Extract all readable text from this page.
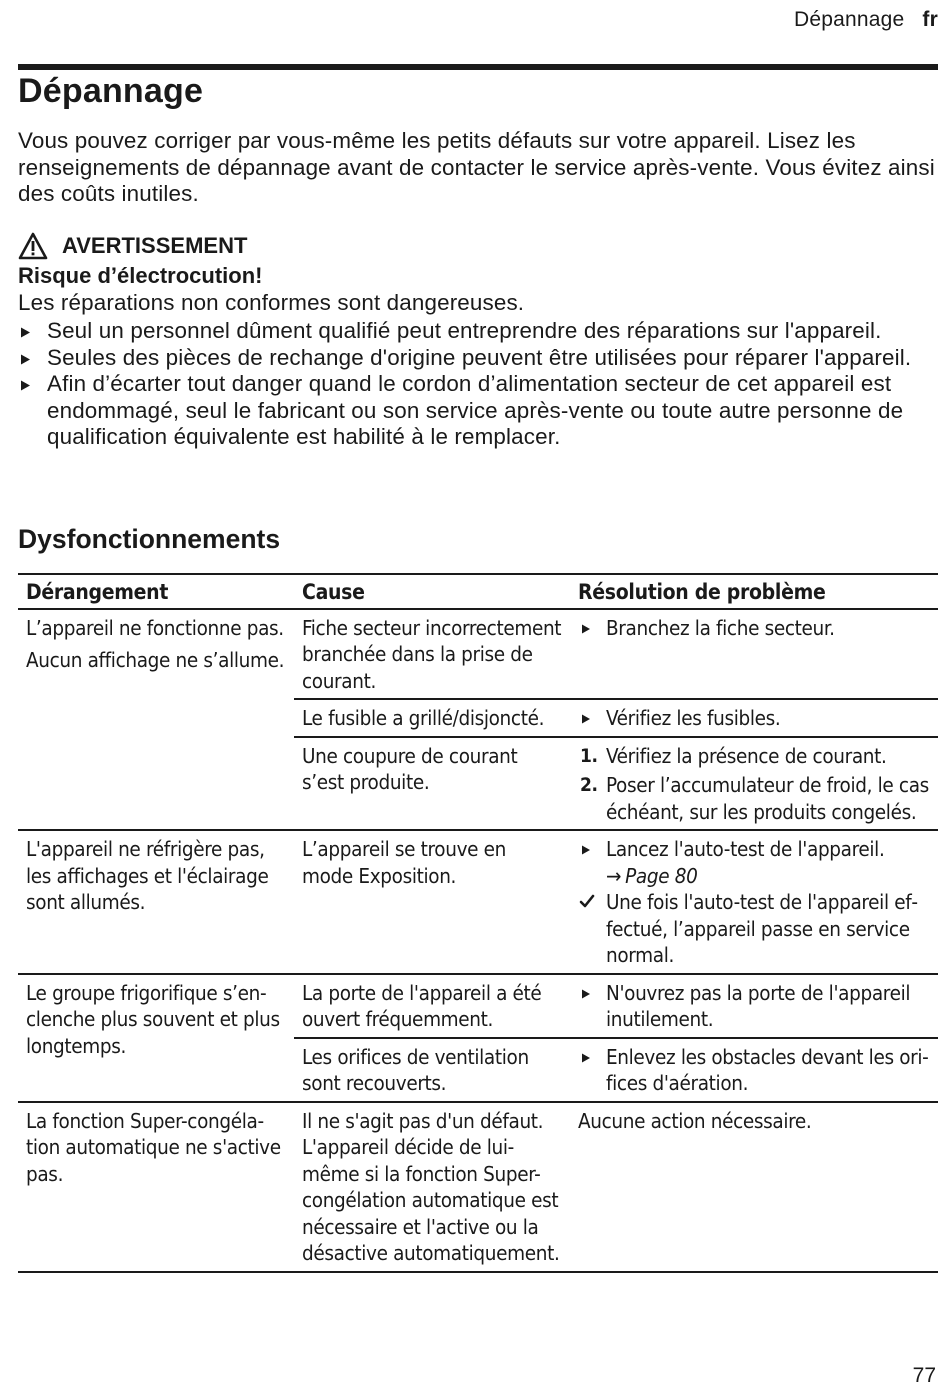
Dépannage fr
Dépannage

Vous pouvez corriger par vous-même les petits défauts sur votre appareil. Lisez les renseignements de dépannage avant de contacter le service après-vente. Vous évitez ainsi des coûts inutiles.

AVERTISSEMENT
Risque d’électrocution!
Les réparations non conformes sont dangereuses.
Seul un personnel dûment qualifié peut entreprendre des réparations sur l'appareil.
Seules des pièces de rechange d'origine peuvent être utilisées pour réparer l'appareil.
Afin d’écarter tout danger quand le cordon d’alimentation secteur de cet appareil est endommagé, seul le fabricant ou son service après-vente ou toute autre personne de qualification équivalente est habilité à le remplacer.
Dysfonctionnements
Dérangement	Cause	Résolution de problème

L’appareil ne fonctionne pas.
Aucun affichage ne s’allume.	Fiche secteur incorrectement branchée dans la prise de courant.	Branchez la fiche secteur.

	Le fusible a grillé/disjoncté.	Vérifiez les fusibles.

	Une coupure de courant s’est produite.	1. Vérifiez la présence de courant.
2. Poser l’accumulateur de froid, le cas échéant, sur les produits congelés.

L'appareil ne réfrigère pas, les affichages et l'éclairage sont allumés.	L’appareil se trouve en mode Exposition.	Lancez l'auto-test de l'appareil.
→ Page 80
Une fois l'auto-test de l'appareil effectué, l’appareil passe en service normal.

Le groupe frigorifique s’enclenche plus souvent et plus longtemps.	La porte de l'appareil a été ouvert fréquemment.	N'ouvrez pas la porte de l'appareil inutilement.

	Les orifices de ventilation sont recouverts.	Enlevez les obstacles devant les orifices d'aération.

La fonction Super-congélation automatique ne s'active pas.	Il ne s'agit pas d'un défaut. L'appareil décide de lui-même si la fonction Super-congélation automatique est nécessaire et l'active ou la désactive automatiquement.	Aucune action nécessaire.
77
